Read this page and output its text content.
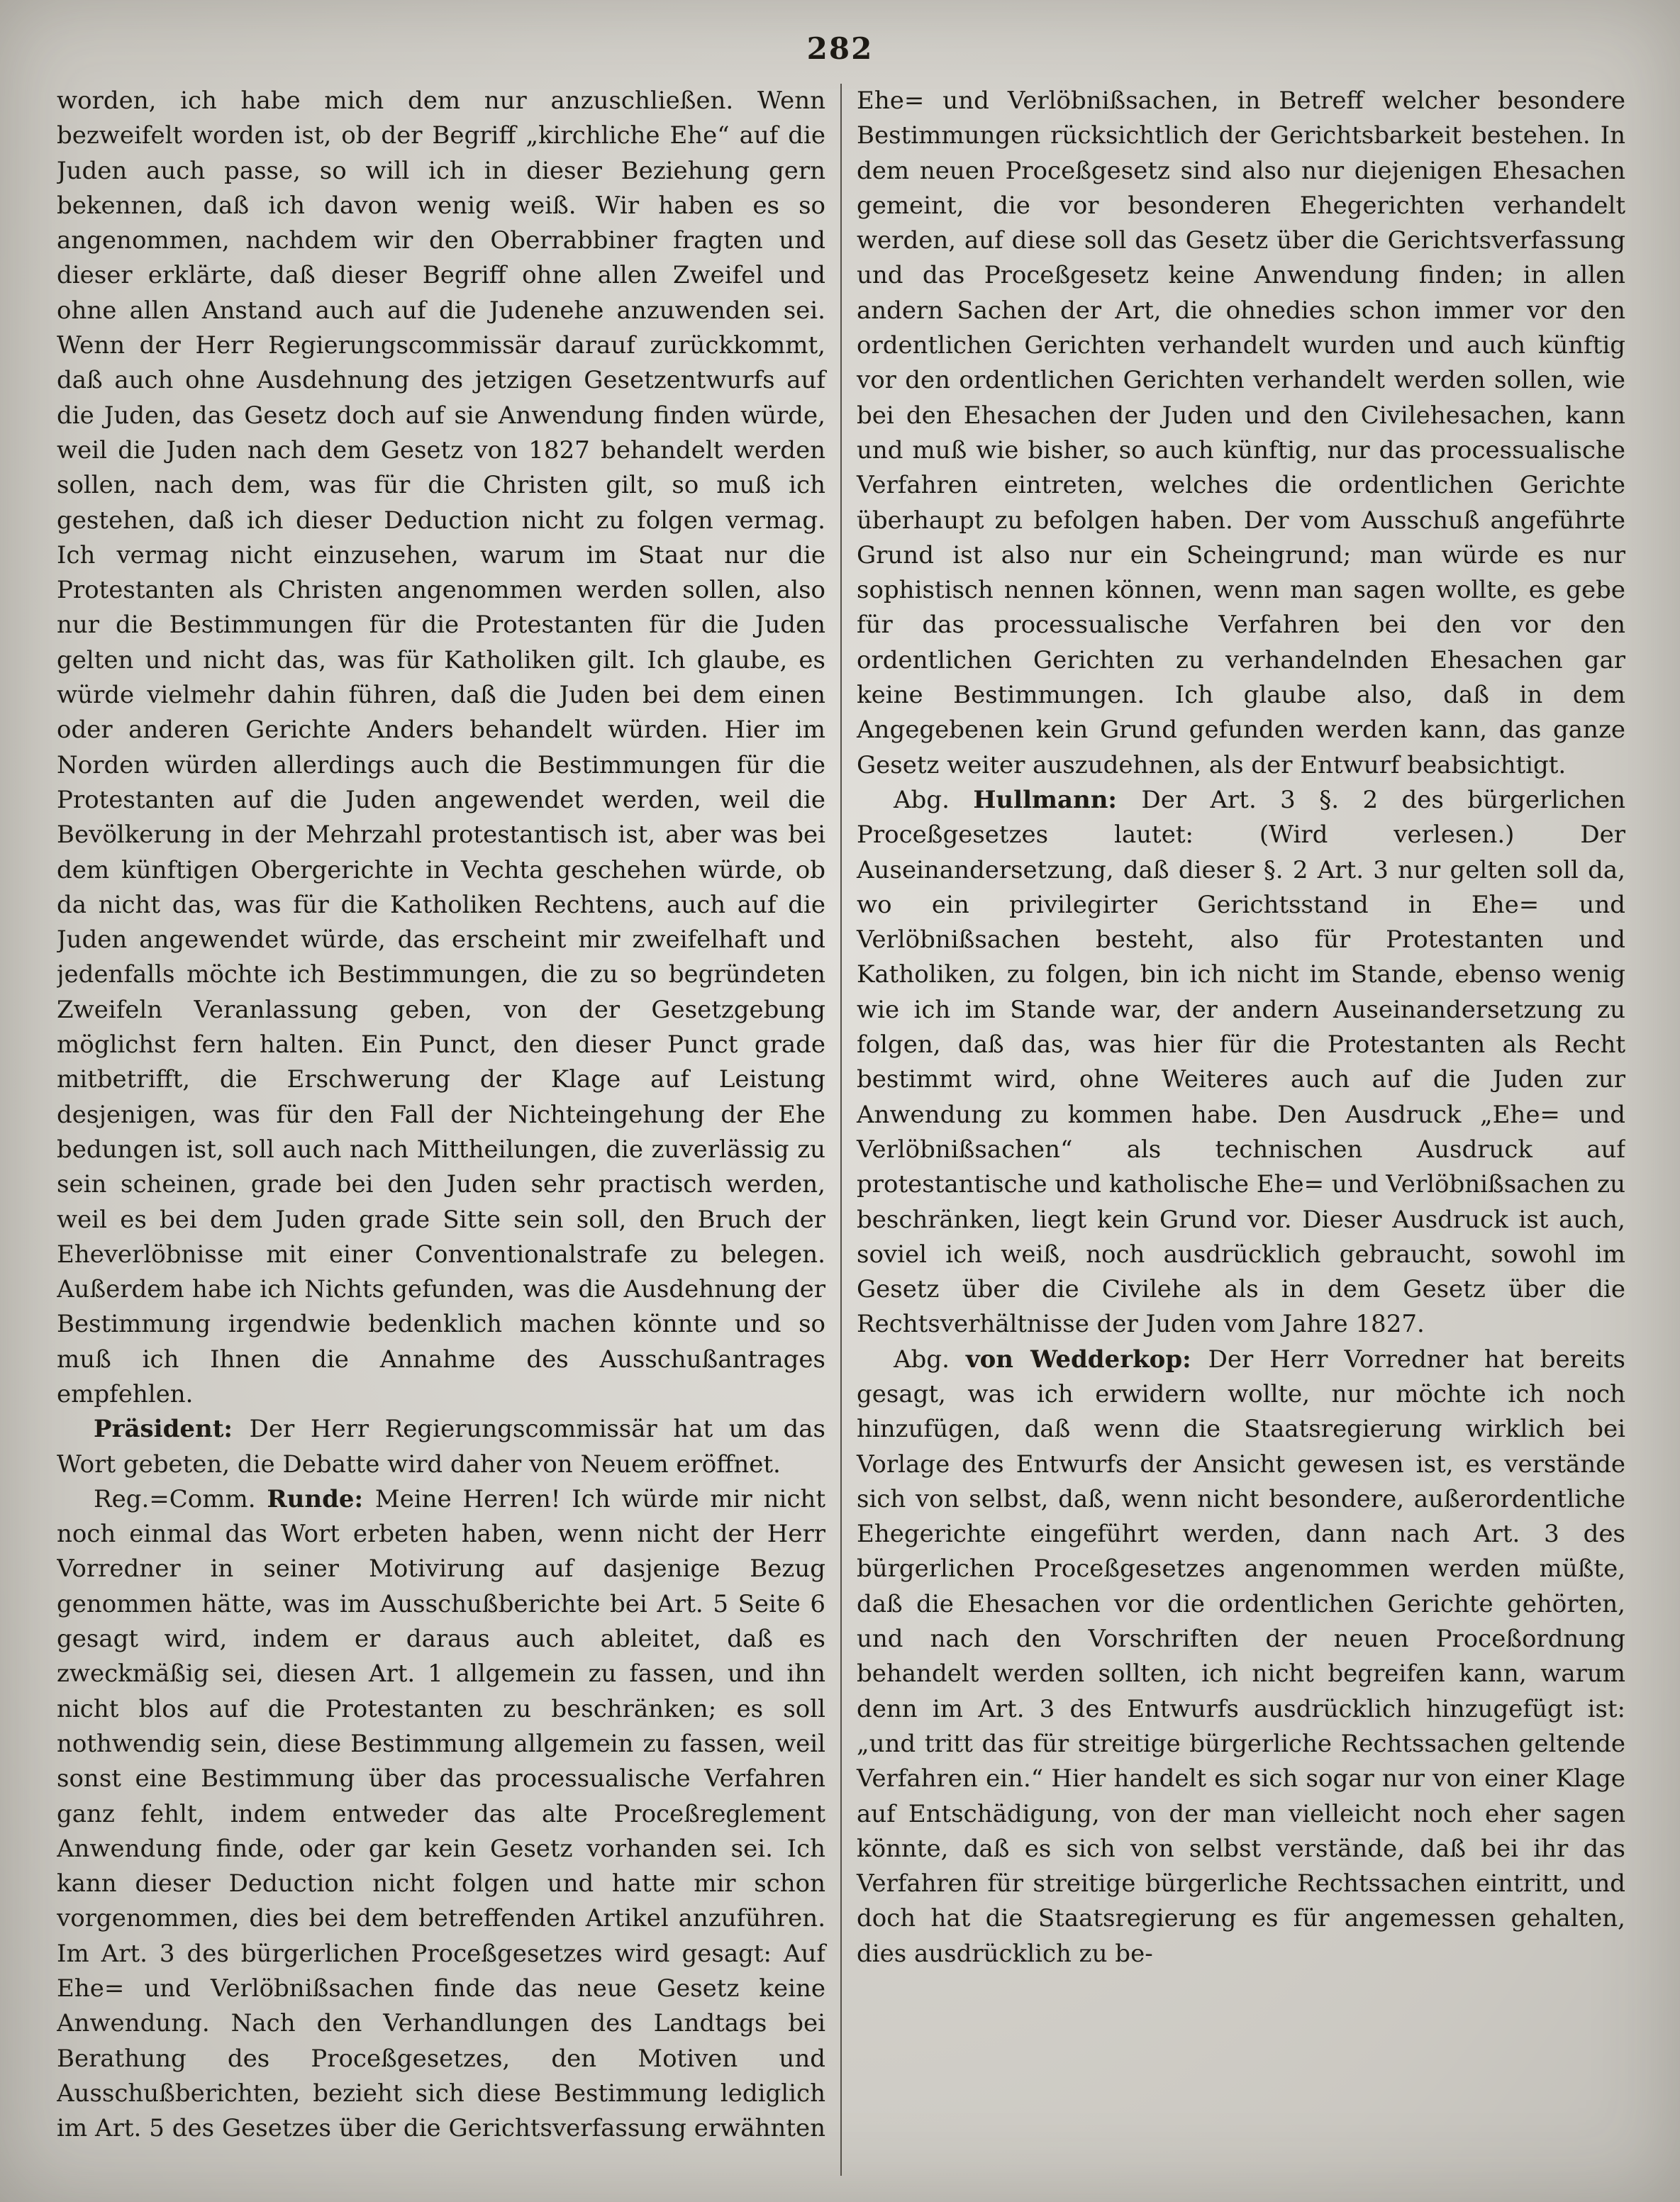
282

worden, ich habe mich dem nur anzuschließen. Wenn bezweifelt worden ist, ob der Begriff „kirchliche Ehe“ auf die Juden auch passe, so will ich in dieser Beziehung gern bekennen, daß ich davon wenig weiß. Wir haben es so angenommen, nachdem wir den Oberrabbiner fragten und dieser erklärte, daß dieser Begriff ohne allen Zweifel und ohne allen Anstand auch auf die Judenehe anzuwenden sei. Wenn der Herr Regierungscommissär darauf zurückkommt, daß auch ohne Ausdehnung des jetzigen Gesetzentwurfs auf die Juden, das Gesetz doch auf sie Anwendung finden würde, weil die Juden nach dem Gesetz von 1827 behandelt werden sollen, nach dem, was für die Christen gilt, so muß ich gestehen, daß ich dieser Deduction nicht zu folgen vermag. Ich vermag nicht einzusehen, warum im Staat nur die Protestanten als Christen angenommen werden sollen, also nur die Bestimmungen für die Protestanten für die Juden gelten und nicht das, was für Katholiken gilt. Ich glaube, es würde vielmehr dahin führen, daß die Juden bei dem einen oder anderen Gerichte Anders behandelt würden. Hier im Norden würden allerdings auch die Bestimmungen für die Protestanten auf die Juden angewendet werden, weil die Bevölkerung in der Mehrzahl protestantisch ist, aber was bei dem künftigen Obergerichte in Vechta geschehen würde, ob da nicht das, was für die Katholiken Rechtens, auch auf die Juden angewendet würde, das erscheint mir zweifelhaft und jedenfalls möchte ich Bestimmungen, die zu so begründeten Zweifeln Veranlassung geben, von der Gesetzgebung möglichst fern halten. Ein Punct, den dieser Punct grade mitbetrifft, die Erschwerung der Klage auf Leistung desjenigen, was für den Fall der Nichteingehung der Ehe bedungen ist, soll auch nach Mittheilungen, die zuverlässig zu sein scheinen, grade bei den Juden sehr practisch werden, weil es bei dem Juden grade Sitte sein soll, den Bruch der Eheverlöbnisse mit einer Conventionalstrafe zu belegen. Außerdem habe ich Nichts gefunden, was die Ausdehnung der Bestimmung irgendwie bedenklich machen könnte und so muß ich Ihnen die Annahme des Ausschußantrages empfehlen.

Präsident: Der Herr Regierungscommissär hat um das Wort gebeten, die Debatte wird daher von Neuem eröffnet.

Reg.=Comm. Runde: Meine Herren! Ich würde mir nicht noch einmal das Wort erbeten haben, wenn nicht der Herr Vorredner in seiner Motivirung auf dasjenige Bezug genommen hätte, was im Ausschußberichte bei Art. 5 Seite 6 gesagt wird, indem er daraus auch ableitet, daß es zweckmäßig sei, diesen Art. 1 allgemein zu fassen, und ihn nicht blos auf die Protestanten zu beschränken; es soll nothwendig sein, diese Bestimmung allgemein zu fassen, weil sonst eine Bestimmung über das processualische Verfahren ganz fehlt, indem entweder das alte Proceßreglement Anwendung finde, oder gar kein Gesetz vorhanden sei. Ich kann dieser Deduction nicht folgen und hatte mir schon vorgenommen, dies bei dem betreffenden Artikel anzuführen. Im Art. 3 des bürgerlichen Proceßgesetzes wird gesagt: Auf Ehe= und Verlöbnißsachen finde das neue Gesetz keine Anwendung. Nach den Verhandlungen des Landtags bei Berathung des Proceßgesetzes, den Motiven und Ausschußberichten, bezieht sich diese Bestimmung lediglich im Art. 5 des Gesetzes über die Gerichtsverfassung erwähnten Ehe= und Verlöbnißsachen, in Betreff welcher besondere Bestimmungen rücksichtlich der Gerichtsbarkeit bestehen. In dem neuen Proceßgesetz sind also nur diejenigen Ehesachen gemeint, die vor besonderen Ehegerichten verhandelt werden, auf diese soll das Gesetz über die Gerichtsverfassung und das Proceßgesetz keine Anwendung finden; in allen andern Sachen der Art, die ohnedies schon immer vor den ordentlichen Gerichten verhandelt wurden und auch künftig vor den ordentlichen Gerichten verhandelt werden sollen, wie bei den Ehesachen der Juden und den Civilehesachen, kann und muß wie bisher, so auch künftig, nur das processualische Verfahren eintreten, welches die ordentlichen Gerichte überhaupt zu befolgen haben. Der vom Ausschuß angeführte Grund ist also nur ein Scheingrund; man würde es nur sophistisch nennen können, wenn man sagen wollte, es gebe für das processualische Verfahren bei den vor den ordentlichen Gerichten zu verhandelnden Ehesachen gar keine Bestimmungen. Ich glaube also, daß in dem Angegebenen kein Grund gefunden werden kann, das ganze Gesetz weiter auszudehnen, als der Entwurf beabsichtigt.

Abg. Hullmann: Der Art. 3 §. 2 des bürgerlichen Proceßgesetzes lautet: (Wird verlesen.) Der Auseinandersetzung, daß dieser §. 2 Art. 3 nur gelten soll da, wo ein privilegirter Gerichtsstand in Ehe= und Verlöbnißsachen besteht, also für Protestanten und Katholiken, zu folgen, bin ich nicht im Stande, ebenso wenig wie ich im Stande war, der andern Auseinandersetzung zu folgen, daß das, was hier für die Protestanten als Recht bestimmt wird, ohne Weiteres auch auf die Juden zur Anwendung zu kommen habe. Den Ausdruck „Ehe= und Verlöbnißsachen“ als technischen Ausdruck auf protestantische und katholische Ehe= und Verlöbnißsachen zu beschränken, liegt kein Grund vor. Dieser Ausdruck ist auch, soviel ich weiß, noch ausdrücklich gebraucht, sowohl im Gesetz über die Civilehe als in dem Gesetz über die Rechtsverhältnisse der Juden vom Jahre 1827.

Abg. von Wedderkop: Der Herr Vorredner hat bereits gesagt, was ich erwidern wollte, nur möchte ich noch hinzufügen, daß wenn die Staatsregierung wirklich bei Vorlage des Entwurfs der Ansicht gewesen ist, es verstände sich von selbst, daß, wenn nicht besondere, außerordentliche Ehegerichte eingeführt werden, dann nach Art. 3 des bürgerlichen Proceßgesetzes angenommen werden müßte, daß die Ehesachen vor die ordentlichen Gerichte gehörten, und nach den Vorschriften der neuen Proceßordnung behandelt werden sollten, ich nicht begreifen kann, warum denn im Art. 3 des Entwurfs ausdrücklich hinzugefügt ist: „und tritt das für streitige bürgerliche Rechtssachen geltende Verfahren ein.“ Hier handelt es sich sogar nur von einer Klage auf Entschädigung, von der man vielleicht noch eher sagen könnte, daß es sich von selbst verstände, daß bei ihr das Verfahren für streitige bürgerliche Rechtssachen eintritt, und doch hat die Staatsregierung es für angemessen gehalten, dies ausdrücklich zu be-
